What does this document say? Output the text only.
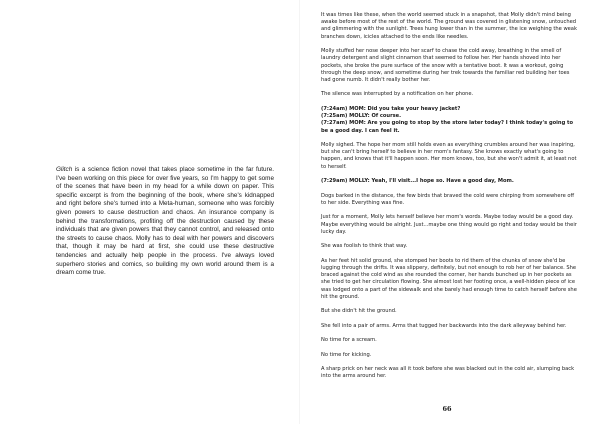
Glitch is a science fiction novel that takes place sometime in the far future. I've been working on this piece for over five years, so I'm happy to get some of the scenes that have been in my head for a while down on paper. This specific excerpt is from the beginning of the book, where she's kidnapped and right before she's turned into a Meta-human, someone who was forcibly given powers to cause destruction and chaos. An insurance company is behind the transformations, profiting off the destruction caused by these individuals that are given powers that they cannot control, and released onto the streets to cause chaos. Molly has to deal with her powers and discovers that, though it may be hard at first, she could use these destructive tendencies and actually help people in the process. I've always loved superhero stories and comics, so building my own world around them is a dream come true.

It was times like these, when the world seemed stuck in a snapshot, that Molly didn't mind being awake before most of the rest of the world. The ground was covered in glistening snow, untouched and glimmering with the sunlight. Trees hung lower than in the summer, the ice weighing the weak branches down, icicles attached to the ends like needles.

Molly stuffed her nose deeper into her scarf to chase the cold away, breathing in the smell of laundry detergent and slight cinnamon that seemed to follow her. Her hands shoved into her pockets, she broke the pure surface of the snow with a tentative boot. It was a workout, going through the deep snow, and sometime during her trek towards the familiar red building her toes had gone numb. It didn't really bother her.

The silence was interrupted by a notification on her phone.

(7:24am) MOM: Did you take your heavy jacket?
(7:25am) MOLLY: Of course.
(7:27am) MOM: Are you going to stop by the store later today? I think today's going to be a good day. I can feel it.

Molly sighed. The hope her mom still holds even as everything crumbles around her was inspiring, but she can't bring herself to believe in her mom's fantasy. She knows exactly what's going to happen, and knows that it'll happen soon. Her mom knows, too, but she won't admit it, at least not to herself.

(7:29am) MOLLY: Yeah, I'll visit...I hope so. Have a good day, Mom.

Dogs barked in the distance, the few birds that braved the cold were chirping from somewhere off to her side. Everything was fine.

Just for a moment, Molly lets herself believe her mom's words. Maybe today would be a good day. Maybe everything would be alright. Just...maybe one thing would go right and today would be their lucky day.

She was foolish to think that way.

As her feet hit solid ground, she stomped her boots to rid them of the chunks of snow she'd be lugging through the drifts. It was slippery, definitely, but not enough to rob her of her balance. She braced against the cold wind as she rounded the corner, her hands bunched up in her pockets as she tried to get her circulation flowing. She almost lost her footing once, a well-hidden piece of ice was lodged onto a part of the sidewalk and she barely had enough time to catch herself before she hit the ground.

But she didn't hit the ground.

She fell into a pair of arms. Arms that tugged her backwards into the dark alleyway behind her.

No time for a scream.

No time for kicking.

A sharp prick on her neck was all it took before she was blacked out in the cold air, slumping back into the arms around her.

66
